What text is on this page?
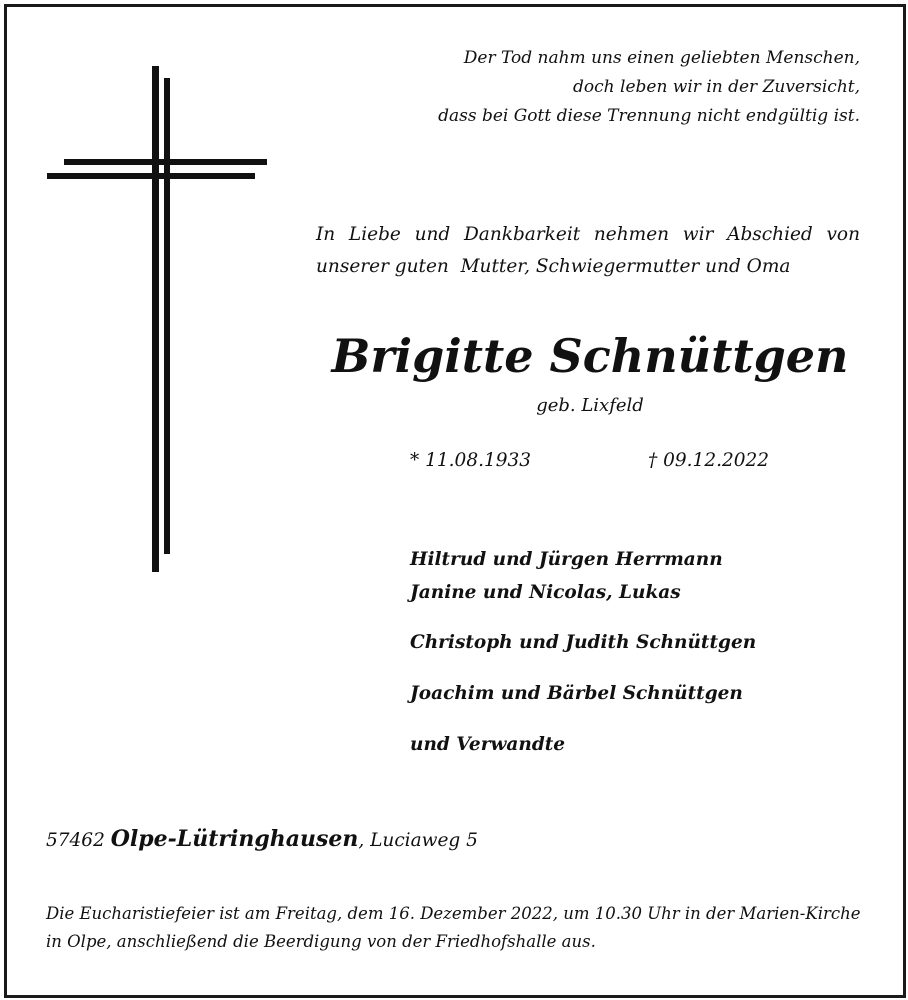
Der Tod nahm uns einen geliebten Menschen,
doch leben wir in der Zuversicht,
dass bei Gott diese Trennung nicht endgültig ist.
In Liebe und Dankbarkeit nehmen wir Abschied von
unserer guten  Mutter, Schwiegermutter und Oma
Brigitte Schnüttgen
geb. Lixfeld
* 11.08.1933	† 09.12.2022
Hiltrud und Jürgen Herrmann
Janine und Nicolas, Lukas
Christoph und Judith Schnüttgen
Joachim und Bärbel Schnüttgen
und Verwandte
57462 Olpe-Lütringhausen, Luciaweg 5
Die Eucharistiefeier ist am Freitag, dem 16. Dezember 2022, um 10.30 Uhr in der Marien-Kirche
in Olpe, anschließend die Beerdigung von der Friedhofshalle aus.
